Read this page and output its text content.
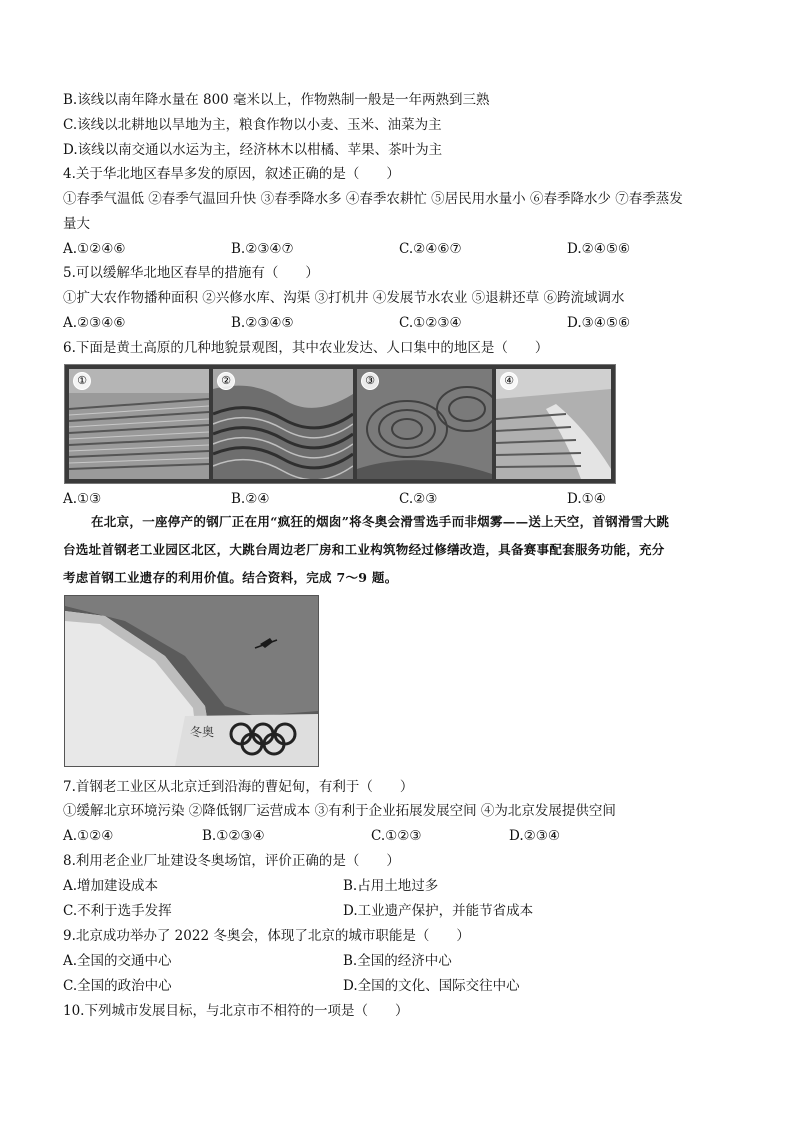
B.该线以南年降水量在 800 毫米以上，作物熟制一般是一年两熟到三熟
C.该线以北耕地以旱地为主，粮食作物以小麦、玉米、油菜为主
D.该线以南交通以水运为主，经济林木以柑橘、苹果、茶叶为主
4.关于华北地区春旱多发的原因，叙述正确的是（　　）
①春季气温低 ②春季气温回升快 ③春季降水多 ④春季农耕忙 ⑤居民用水量小 ⑥春季降水少 ⑦春季蒸发
量大
A.①②④⑥	B.②③④⑦	C.②④⑥⑦	D.②④⑤⑥
5.可以缓解华北地区春旱的措施有（　　）
①扩大农作物播种面积 ②兴修水库、沟渠 ③打机井 ④发展节水农业 ⑤退耕还草 ⑥跨流域调水
A.②③④⑥	B.②③④⑤	C.①②③④	D.③④⑤⑥
6.下面是黄土高原的几种地貌景观图，其中农业发达、人口集中的地区是（　　）
①	②	③	④
A.①③	B.②④	C.②③	D.①④
在北京，一座停产的钢厂正在用“疯狂的烟囱”将冬奥会滑雪选手而非烟雾——送上天空，首钢滑雪大跳
台选址首钢老工业园区北区，大跳台周边老厂房和工业构筑物经过修缮改造，具备赛事配套服务功能，充分
考虑首钢工业遗存的利用价值。结合资料，完成 7～9 题。
冬奥
7.首钢老工业区从北京迁到沿海的曹妃甸，有利于（　　）
①缓解北京环境污染 ②降低钢厂运营成本 ③有利于企业拓展发展空间 ④为北京发展提供空间
A.①②④	B.①②③④	C.①②③	D.②③④
8.利用老企业厂址建设冬奥场馆，评价正确的是（　　）
A.增加建设成本	B.占用土地过多
C.不利于选手发挥	D.工业遗产保护，并能节省成本
9.北京成功举办了 2022 冬奥会，体现了北京的城市职能是（　　）
A.全国的交通中心	B.全国的经济中心
C.全国的政治中心	D.全国的文化、国际交往中心
10.下列城市发展目标，与北京市不相符的一项是（　　）
